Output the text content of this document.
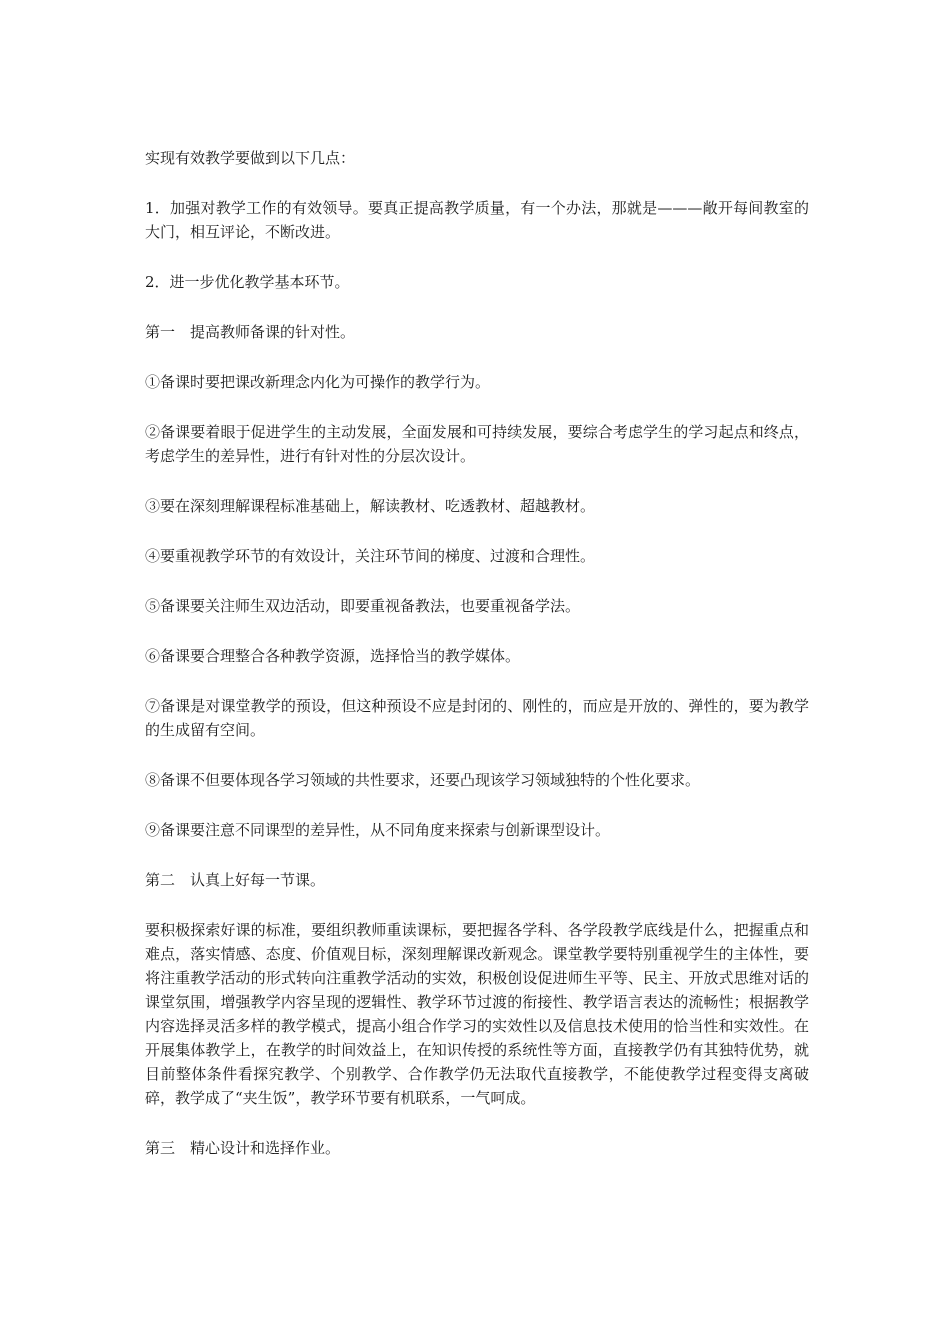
实现有效教学要做到以下几点：

1．加强对教学工作的有效领导。要真正提高教学质量，有一个办法，那就是———敞开每间教室的大门，相互评论，不断改进。

2．进一步优化教学基本环节。

第一　提高教师备课的针对性。

①备课时要把课改新理念内化为可操作的教学行为。

②备课要着眼于促进学生的主动发展，全面发展和可持续发展，要综合考虑学生的学习起点和终点，考虑学生的差异性，进行有针对性的分层次设计。

③要在深刻理解课程标准基础上，解读教材、吃透教材、超越教材。

④要重视教学环节的有效设计，关注环节间的梯度、过渡和合理性。

⑤备课要关注师生双边活动，即要重视备教法，也要重视备学法。

⑥备课要合理整合各种教学资源，选择恰当的教学媒体。

⑦备课是对课堂教学的预设，但这种预设不应是封闭的、刚性的，而应是开放的、弹性的，要为教学的生成留有空间。

⑧备课不但要体现各学习领域的共性要求，还要凸现该学习领域独特的个性化要求。

⑨备课要注意不同课型的差异性，从不同角度来探索与创新课型设计。

第二　认真上好每一节课。

要积极探索好课的标准，要组织教师重读课标，要把握各学科、各学段教学底线是什么，把握重点和难点，落实情感、态度、价值观目标，深刻理解课改新观念。课堂教学要特别重视学生的主体性，要将注重教学活动的形式转向注重教学活动的实效，积极创设促进师生平等、民主、开放式思维对话的课堂氛围，增强教学内容呈现的逻辑性、教学环节过渡的衔接性、教学语言表达的流畅性；根据教学内容选择灵活多样的教学模式，提高小组合作学习的实效性以及信息技术使用的恰当性和实效性。在开展集体教学上，在教学的时间效益上，在知识传授的系统性等方面，直接教学仍有其独特优势，就目前整体条件看探究教学、个别教学、合作教学仍无法取代直接教学，不能使教学过程变得支离破碎，教学成了“夹生饭”，教学环节要有机联系，一气呵成。

第三　精心设计和选择作业。
